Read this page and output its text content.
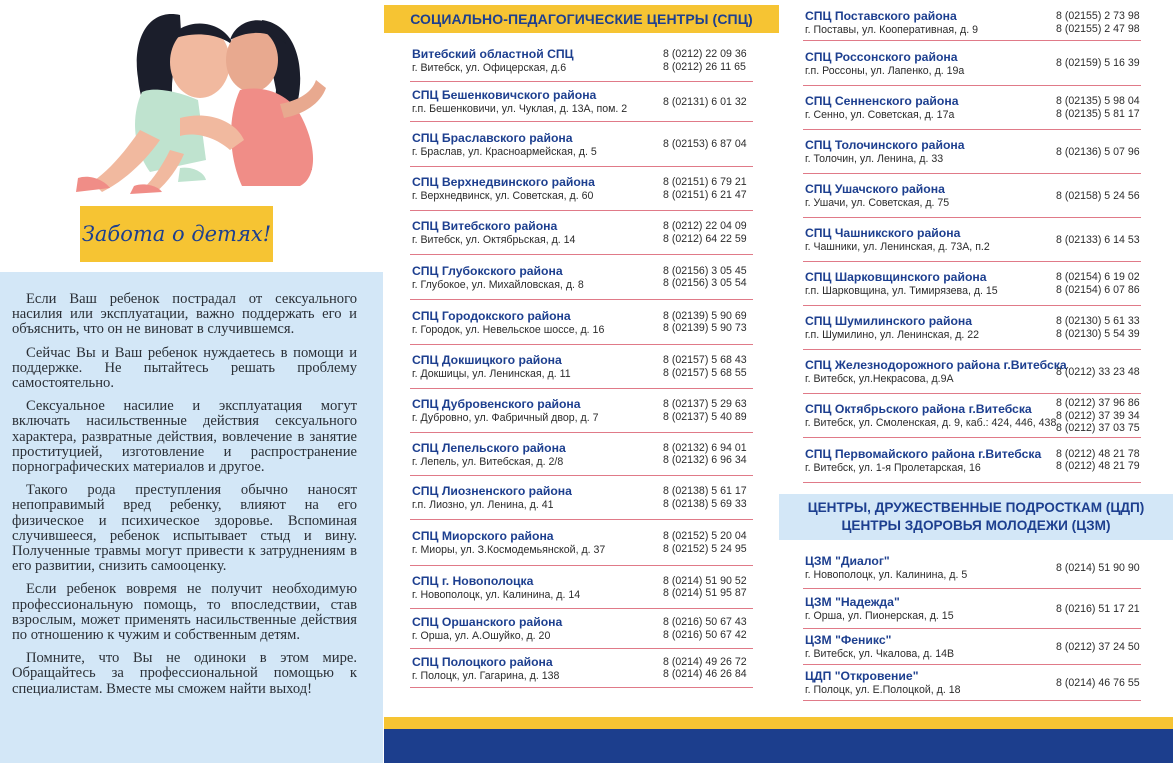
Забота о детях!

Если Ваш ребенок пострадал от сексуального насилия или эксплуатации, важно поддержать его и объяснить, что он не виноват в случившемся.

Сейчас Вы и Ваш ребенок нуждаетесь в помощи и поддержке. Не пытайтесь решать проблему самостоятельно.

Сексуальное насилие и эксплуатация могут включать насильственные действия сексуального характера, развратные действия, вовлечение в занятие проституцией, изготовление и распространение порнографических материалов и другое.

Такого рода преступления обычно наносят непоправимый вред ребенку, влияют на его физическое и психическое здоровье. Вспоминая случившееся, ребенок испытывает стыд и вину. Полученные травмы могут привести к затруднениям в его развитии, снизить самооценку.

Если ребенок вовремя не получит необходимую профессиональную помощь, то впоследствии, став взрослым, может применять насильственные действия по отношению к чужим и собственным детям.

Помните, что Вы не одиноки в этом мире. Обращайтесь за профессиональной помощью к специалистам. Вместе мы сможем найти выход!

СОЦИАЛЬНО-ПЕДАГОГИЧЕСКИЕ ЦЕНТРЫ (СПЦ)
Витебский областной СПЦ
г. Витебск, ул. Офицерская, д.6
8 (0212) 22 09 36
8 (0212) 26 11 65
СПЦ Бешенковичского района
г.п. Бешенковичи, ул. Чуклая, д. 13А, пом. 2
8 (02131) 6 01 32
СПЦ Браславского района
г. Браслав, ул. Красноармейская, д. 5
8 (02153) 6 87 04
СПЦ Верхнедвинского района
г. Верхнедвинск, ул. Советская, д. 60
8 (02151) 6 79 21
8 (02151) 6 21 47
СПЦ Витебского района
г. Витебск, ул. Октябрьская, д. 14
8 (0212) 22 04 09
8 (0212) 64 22 59
СПЦ Глубокского района
г. Глубокое, ул. Михайловская, д. 8
8 (02156) 3 05 45
8 (02156) 3 05 54
СПЦ Городокского района
г. Городок, ул. Невельское шоссе, д. 16
8 (02139) 5 90 69
8 (02139) 5 90 73
СПЦ Докшицкого района
г. Докшицы, ул. Ленинская, д. 11
8 (02157) 5 68 43
8 (02157) 5 68 55
СПЦ Дубровенского района
г. Дубровно, ул. Фабричный двор, д. 7
8 (02137) 5 29 63
8 (02137) 5 40 89
СПЦ Лепельского района
г. Лепель, ул. Витебская, д. 2/8
8 (02132) 6 94 01
8 (02132) 6 96 34
СПЦ Лиозненского района
г.п. Лиозно, ул. Ленина, д. 41
8 (02138) 5 61 17
8 (02138) 5 69 33
СПЦ Миорского района
г. Миоры, ул. З.Космодемьянской, д. 37
8 (02152) 5 20 04
8 (02152) 5 24 95
СПЦ г. Новополоцка
г. Новополоцк, ул. Калинина, д. 14
8 (0214) 51 90 52
8 (0214) 51 95 87
СПЦ Оршанского района
г. Орша, ул. А.Ошуйко, д. 20
8 (0216) 50 67 43
8 (0216) 50 67 42
СПЦ Полоцкого района
г. Полоцк, ул. Гагарина, д. 138
8 (0214) 49 26 72
8 (0214) 46 26 84
СПЦ Поставского района
г. Поставы, ул. Кооперативная, д. 9
8 (02155) 2 73 98
8 (02155) 2 47 98
СПЦ Россонского района
г.п. Россоны, ул. Лапенко, д. 19а
8 (02159) 5 16 39
СПЦ Сенненского района
г. Сенно, ул. Советская, д. 17а
8 (02135) 5 98 04
8 (02135) 5 81 17
СПЦ Толочинского района
г. Толочин, ул. Ленина, д. 33
8 (02136) 5 07 96
СПЦ Ушачского района
г. Ушачи, ул. Советская, д. 75
8 (02158) 5 24 56
СПЦ Чашникского района
г. Чашники, ул. Ленинская, д. 73А, п.2
8 (02133) 6 14 53
СПЦ Шарковщинского района
г.п. Шарковщина, ул. Тимирязева, д. 15
8 (02154) 6 19 02
8 (02154) 6 07 86
СПЦ Шумилинского района
г.п. Шумилино, ул. Ленинская, д. 22
8 (02130) 5 61 33
8 (02130) 5 54 39
СПЦ Железнодорожного района г.Витебска
г. Витебск, ул.Некрасова, д.9А
8 (0212) 33 23 48
СПЦ Октябрьского района г.Витебска
г. Витебск, ул. Смоленская, д. 9, каб.: 424, 446, 438
8 (0212) 37 96 86
8 (0212) 37 39 34
8 (0212) 37 03 75
СПЦ Первомайского района г.Витебска
г. Витебск, ул. 1-я Пролетарская, 16
8 (0212) 48 21 78
8 (0212) 48 21 79
ЦЕНТРЫ, ДРУЖЕСТВЕННЫЕ ПОДРОСТКАМ (ЦДП)
ЦЕНТРЫ ЗДОРОВЬЯ МОЛОДЕЖИ (ЦЗМ)
ЦЗМ "Диалог"
г. Новополоцк, ул. Калинина, д. 5
8 (0214) 51 90 90
ЦЗМ "Надежда"
г. Орша, ул. Пионерская, д. 15
8 (0216) 51 17 21
ЦЗМ "Феникс"
г. Витебск, ул. Чкалова, д. 14В
8 (0212) 37 24 50
ЦДП "Откровение"
г. Полоцк, ул. Е.Полоцкой, д. 18
8 (0214) 46 76 55
